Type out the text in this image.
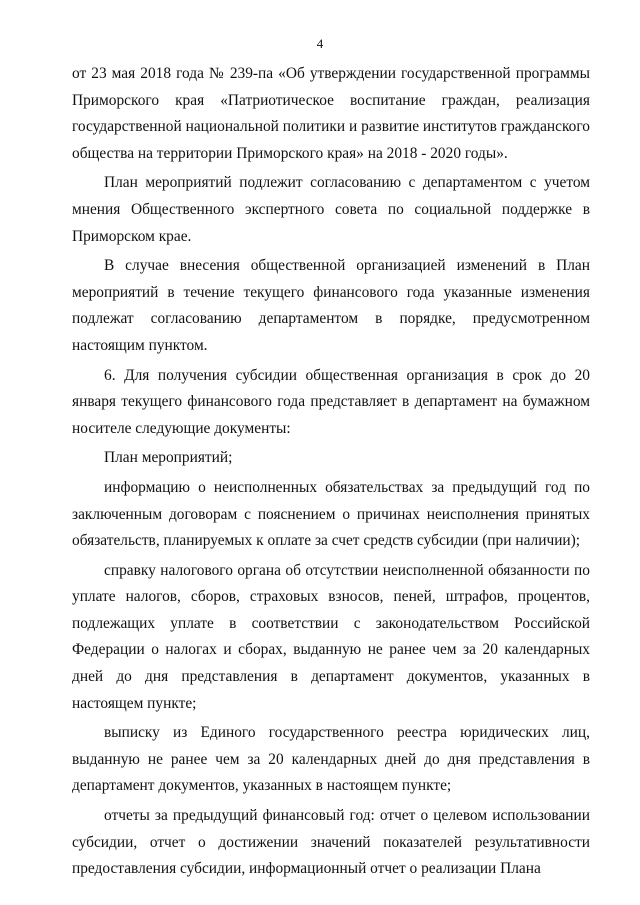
4

от 23 мая 2018 года № 239-па «Об утверждении государственной программы Приморского края «Патриотическое воспитание граждан, реализация государственной национальной политики и развитие институтов гражданского общества на территории Приморского края» на 2018 - 2020 годы».

План мероприятий подлежит согласованию с департаментом с учетом мнения Общественного экспертного совета по социальной поддержке в Приморском крае.

В случае внесения общественной организацией изменений в План мероприятий в течение текущего финансового года указанные изменения подлежат согласованию департаментом в порядке, предусмотренном настоящим пунктом.

6. Для получения субсидии общественная организация в срок до 20 января текущего финансового года представляет в департамент на бумажном носителе следующие документы:

План мероприятий;

информацию о неисполненных обязательствах за предыдущий год по заключенным договорам с пояснением о причинах неисполнения принятых обязательств, планируемых к оплате за счет средств субсидии (при наличии);

справку налогового органа об отсутствии неисполненной обязанности по уплате налогов, сборов, страховых взносов, пеней, штрафов, процентов, подлежащих уплате в соответствии с законодательством Российской Федерации о налогах и сборах, выданную не ранее чем за 20 календарных дней до дня представления в департамент документов, указанных в настоящем пункте;

выписку из Единого государственного реестра юридических лиц, выданную не ранее чем за 20 календарных дней до дня представления в департамент документов, указанных в настоящем пункте;

отчеты за предыдущий финансовый год: отчет о целевом использовании субсидии, отчет о достижении значений показателей результативности предоставления субсидии, информационный отчет о реализации Плана
